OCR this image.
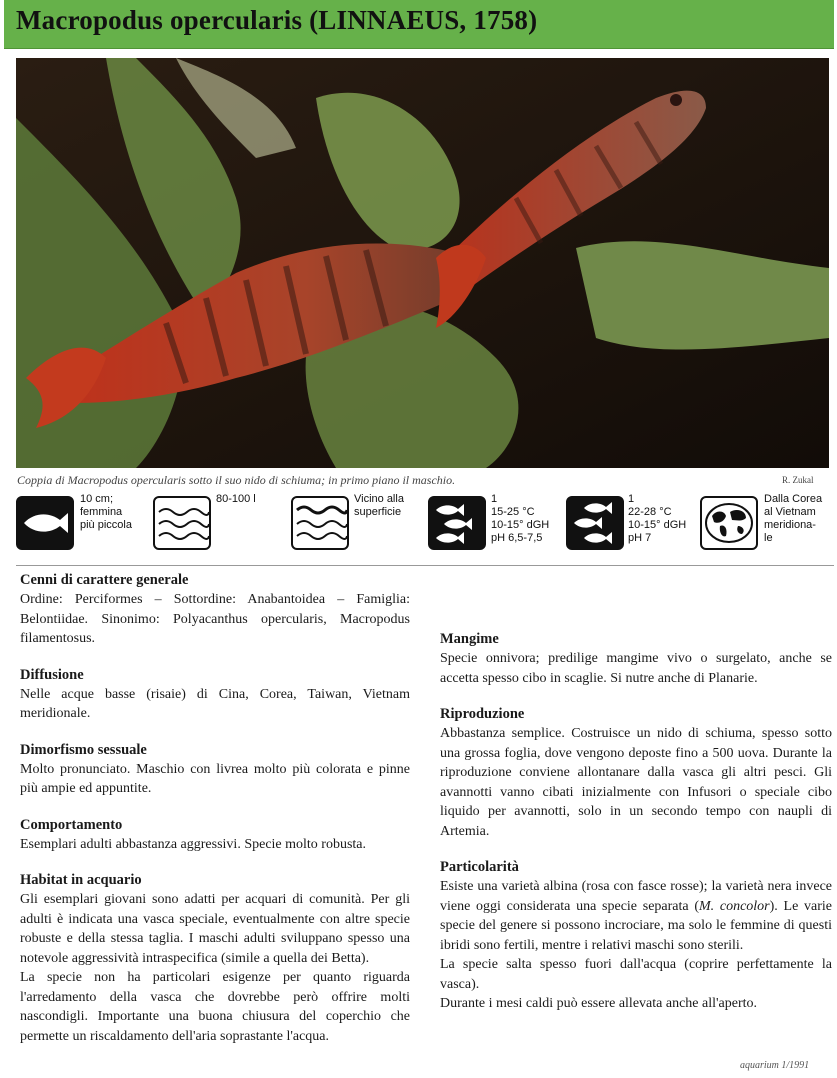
Macropodus opercularis (LINNAEUS, 1758)
Coppia di Macropodus opercularis sotto il suo nido di schiuma; in primo piano il maschio.	R. Zukal
10 cm;
femmina
più piccola
80-100 l	Vicino alla
superficie
1
15-25 °C
10-15° dGH
pH 6,5-7,5
1
22-28 °C
10-15° dGH
pH 7
Dalla Corea
al Vietnam
meridiona-
le
Cenni di carattere generale

Ordine: Perciformes – Sottordine: Anabantoidea – Famiglia: Belontiidae. Sinonimo: Polyacanthus opercularis, Macropodus filamentosus.

Diffusione

Nelle acque basse (risaie) di Cina, Corea, Taiwan, Vietnam meridionale.

Dimorfismo sessuale

Molto pronunciato. Maschio con livrea molto più colorata e pinne più ampie ed appuntite.

Comportamento

Esemplari adulti abbastanza aggressivi. Specie molto robusta.

Habitat in acquario

Gli esemplari giovani sono adatti per acquari di comunità. Per gli adulti è indicata una vasca speciale, eventualmente con altre specie robuste e della stessa taglia. I maschi adulti sviluppano spesso una notevole aggressività intraspecifica (simile a quella dei Betta).

La specie non ha particolari esigenze per quanto riguarda l'arredamento della vasca che dovrebbe però offrire molti nascondigli. Importante una buona chiusura del coperchio che permette un riscaldamento dell'aria soprastante l'acqua.

Mangime

Specie onnivora; predilige mangime vivo o surgelato, anche se accetta spesso cibo in scaglie. Si nutre anche di Planarie.

Riproduzione

Abbastanza semplice. Costruisce un nido di schiuma, spesso sotto una grossa foglia, dove vengono deposte fino a 500 uova. Durante la riproduzione conviene allontanare dalla vasca gli altri pesci. Gli avannotti vanno cibati inizialmente con Infusori o speciale cibo liquido per avannotti, solo in un secondo tempo con naupli di Artemia.

Particolarità

Esiste una varietà albina (rosa con fasce rosse); la varietà nera invece viene oggi considerata una specie separata (M. concolor). Le varie specie del genere si possono incrociare, ma solo le femmine di questi ibridi sono fertili, mentre i relativi maschi sono sterili.

La specie salta spesso fuori dall'acqua (coprire perfettamente la vasca).

Durante i mesi caldi può essere allevata anche all'aperto.

aquarium 1/1991
